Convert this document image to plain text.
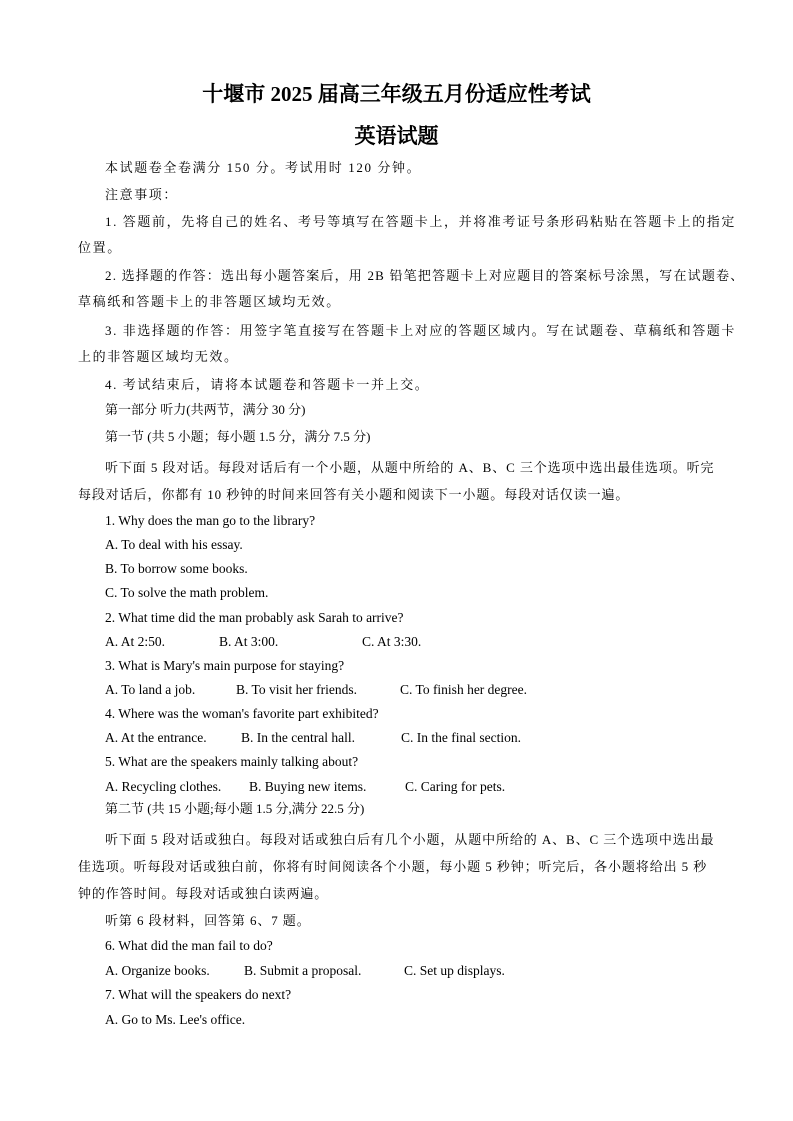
十堰市 2025 届高三年级五月份适应性考试
英语试题
本试题卷全卷满分 150 分。考试用时 120 分钟。
注意事项：
1. 答题前，先将自己的姓名、考号等填写在答题卡上，并将准考证号条形码粘贴在答题卡上的指定
位置。
2. 选择题的作答：选出每小题答案后，用 2B 铅笔把答题卡上对应题目的答案标号涂黑，写在试题卷、
草稿纸和答题卡上的非答题区域均无效。
3. 非选择题的作答：用签字笔直接写在答题卡上对应的答题区域内。写在试题卷、草稿纸和答题卡
上的非答题区域均无效。
4. 考试结束后，请将本试题卷和答题卡一并上交。
第一部分 听力(共两节，满分 30 分)
第一节 (共 5 小题；每小题 1.5 分，满分 7.5 分)
听下面 5 段对话。每段对话后有一个小题，从题中所给的 A、B、C 三个选项中选出最佳选项。听完
每段对话后，你都有 10 秒钟的时间来回答有关小题和阅读下一小题。每段对话仅读一遍。
1. Why does the man go to the library?
A. To deal with his essay.
B. To borrow some books.
C. To solve the math problem.
2. What time did the man probably ask Sarah to arrive?
A. At 2:50.	B. At 3:00.	C. At 3:30.
3. What is Mary's main purpose for staying?
A. To land a job.	B. To visit her friends.	C. To finish her degree.
4. Where was the woman's favorite part exhibited?
A. At the entrance.	B. In the central hall.	C. In the final section.
5. What are the speakers mainly talking about?
A. Recycling clothes. B. Buying new items.	C. Caring for pets.
第二节 (共 15 小题;每小题 1.5 分,满分 22.5 分)
听下面 5 段对话或独白。每段对话或独白后有几个小题，从题中所给的 A、B、C 三个选项中选出最
佳选项。听每段对话或独白前，你将有时间阅读各个小题，每小题 5 秒钟；听完后，各小题将给出 5 秒
钟的作答时间。每段对话或独白读两遍。
听第 6 段材料，回答第 6、7 题。
6. What did the man fail to do?
A. Organize books.	B. Submit a proposal.	C. Set up displays.
7. What will the speakers do next?
A. Go to Ms. Lee's office.
